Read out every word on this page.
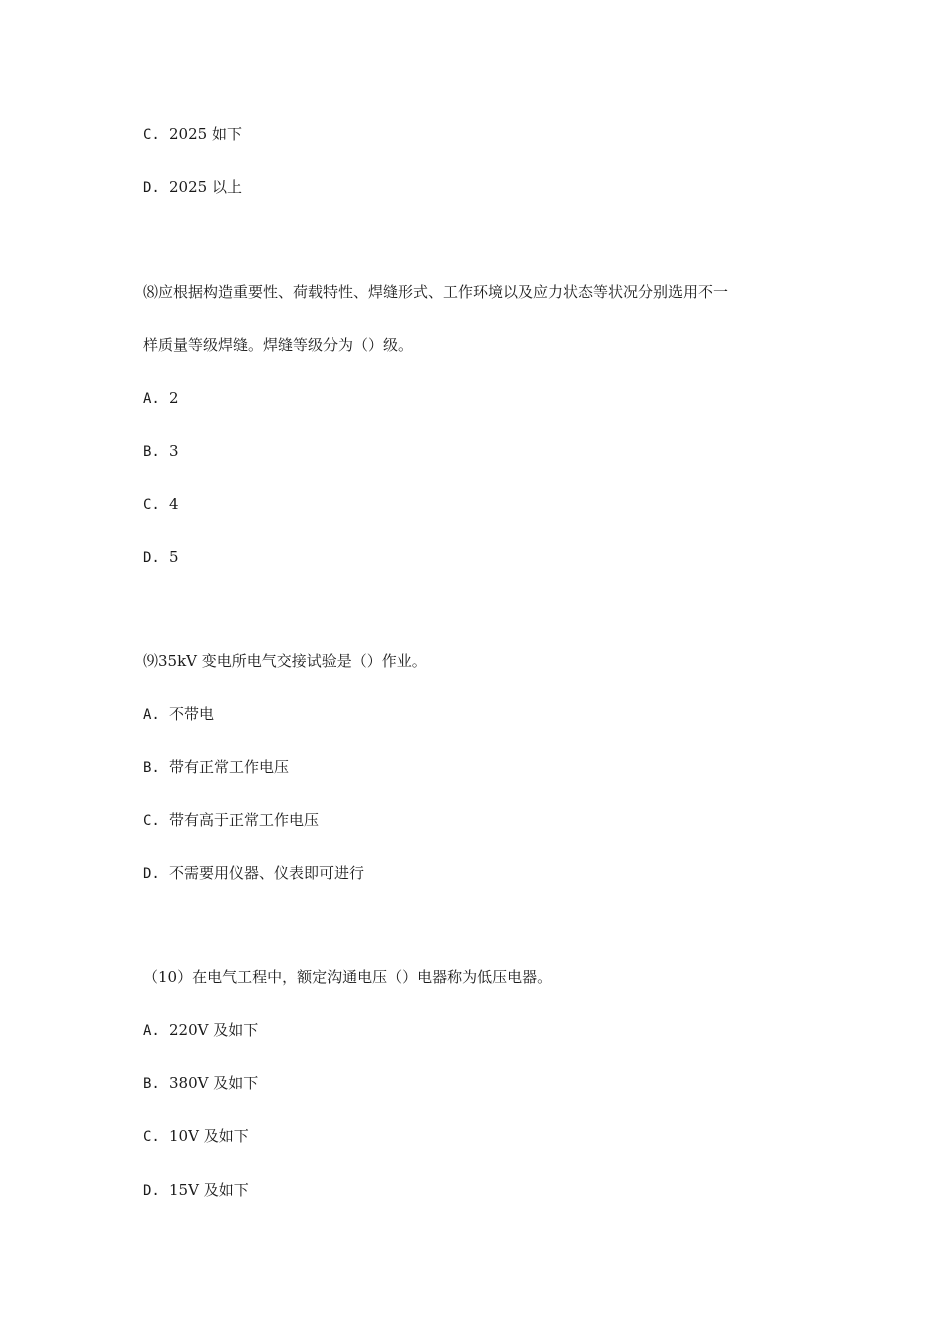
C. 2025 如下
D. 2025 以上
⑻应根据构造重要性、荷载特性、焊缝形式、工作环境以及应力状态等状况分别选用不一
样质量等级焊缝。焊缝等级分为（）级。
A. 2
B. 3
C. 4
D. 5
⑼35kV 变电所电气交接试验是（）作业。
A. 不带电
B. 带有正常工作电压
C. 带有高于正常工作电压
D. 不需要用仪器、仪表即可进行
（10）在电气工程中，额定沟通电压（）电器称为低压电器。
A. 220V 及如下
B. 380V 及如下
C. 10V 及如下
D. 15V 及如下
